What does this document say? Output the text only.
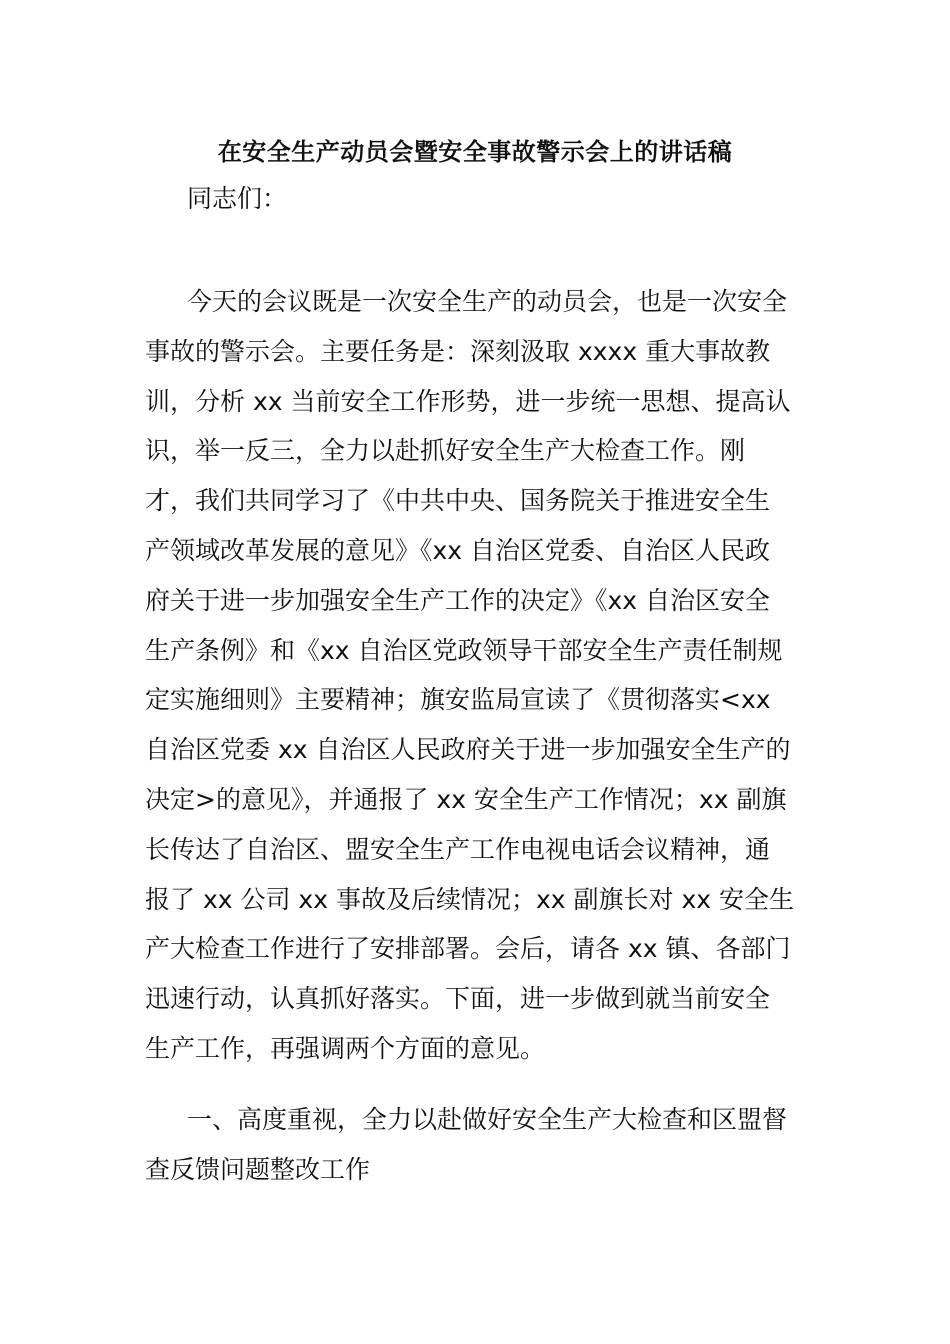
在安全生产动员会暨安全事故警示会上的讲话稿

同志们：

今天的会议既是一次安全生产的动员会，也是一次安全
事故的警示会。主要任务是：深刻汲取 xxxx 重大事故教
训，分析 xx 当前安全工作形势，进一步统一思想、提高认
识，举一反三，全力以赴抓好安全生产大检查工作。刚
才，我们共同学习了《中共中央、国务院关于推进安全生
产领域改革发展的意见》《xx 自治区党委、自治区人民政
府关于进一步加强安全生产工作的决定》《xx 自治区安全
生产条例》和《xx 自治区党政领导干部安全生产责任制规
定实施细则》主要精神；旗安监局宣读了《贯彻落实<xx
自治区党委 xx 自治区人民政府关于进一步加强安全生产的
决定>的意见》，并通报了 xx 安全生产工作情况；xx 副旗
长传达了自治区、盟安全生产工作电视电话会议精神，通
报了 xx 公司 xx 事故及后续情况；xx 副旗长对 xx 安全生
产大检查工作进行了安排部署。会后，请各 xx 镇、各部门
迅速行动，认真抓好落实。下面，进一步做到就当前安全
生产工作，再强调两个方面的意见。
一、高度重视，全力以赴做好安全生产大检查和区盟督
查反馈问题整改工作
